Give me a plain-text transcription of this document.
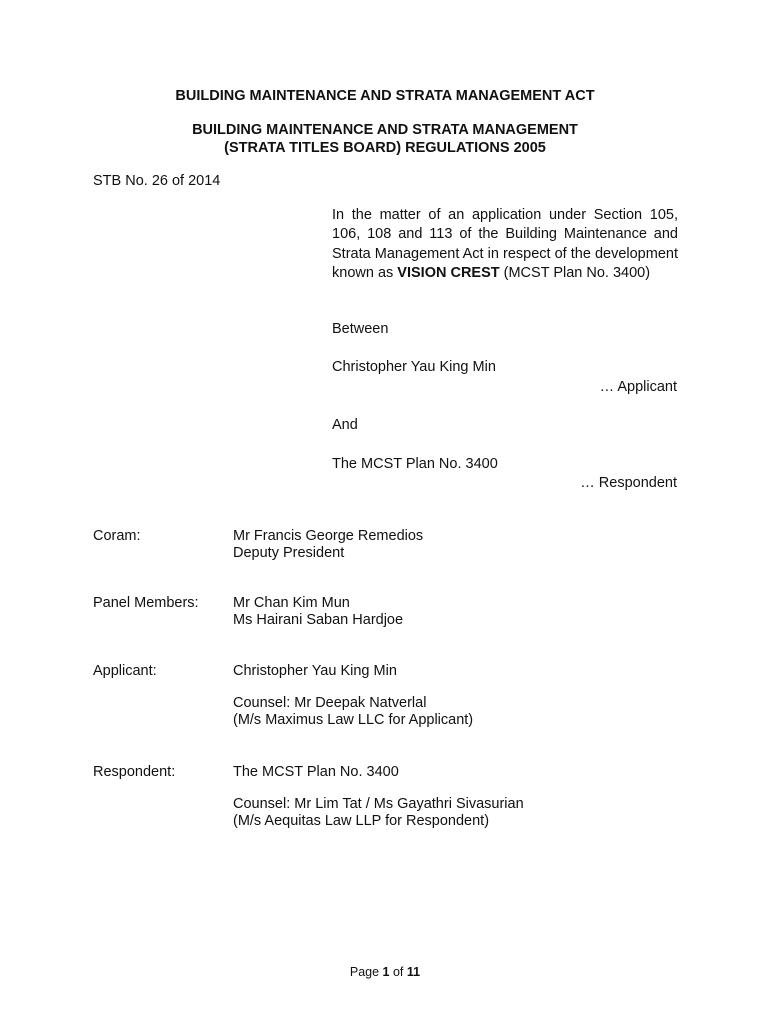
BUILDING MAINTENANCE AND STRATA MANAGEMENT ACT

BUILDING MAINTENANCE AND STRATA MANAGEMENT
(STRATA TITLES BOARD) REGULATIONS 2005

STB No. 26 of 2014

In the matter of an application under Section 105, 106, 108 and 113 of the Building Maintenance and Strata Management Act in respect of the development known as VISION CREST (MCST Plan No. 3400)

Between

Christopher Yau King Min

… Applicant

And

The MCST Plan No. 3400

… Respondent

Coram:	Mr Francis George Remedios
Deputy President

Panel Members: Mr Chan Kim Mun
Ms Hairani Saban Hardjoe

Applicant:	Christopher Yau King Min

Counsel: Mr Deepak Natverlal
(M/s Maximus Law LLC for Applicant)

Respondent:	The MCST Plan No. 3400

Counsel: Mr Lim Tat / Ms Gayathri Sivasurian
(M/s Aequitas Law LLP for Respondent)

Page 1 of 11
